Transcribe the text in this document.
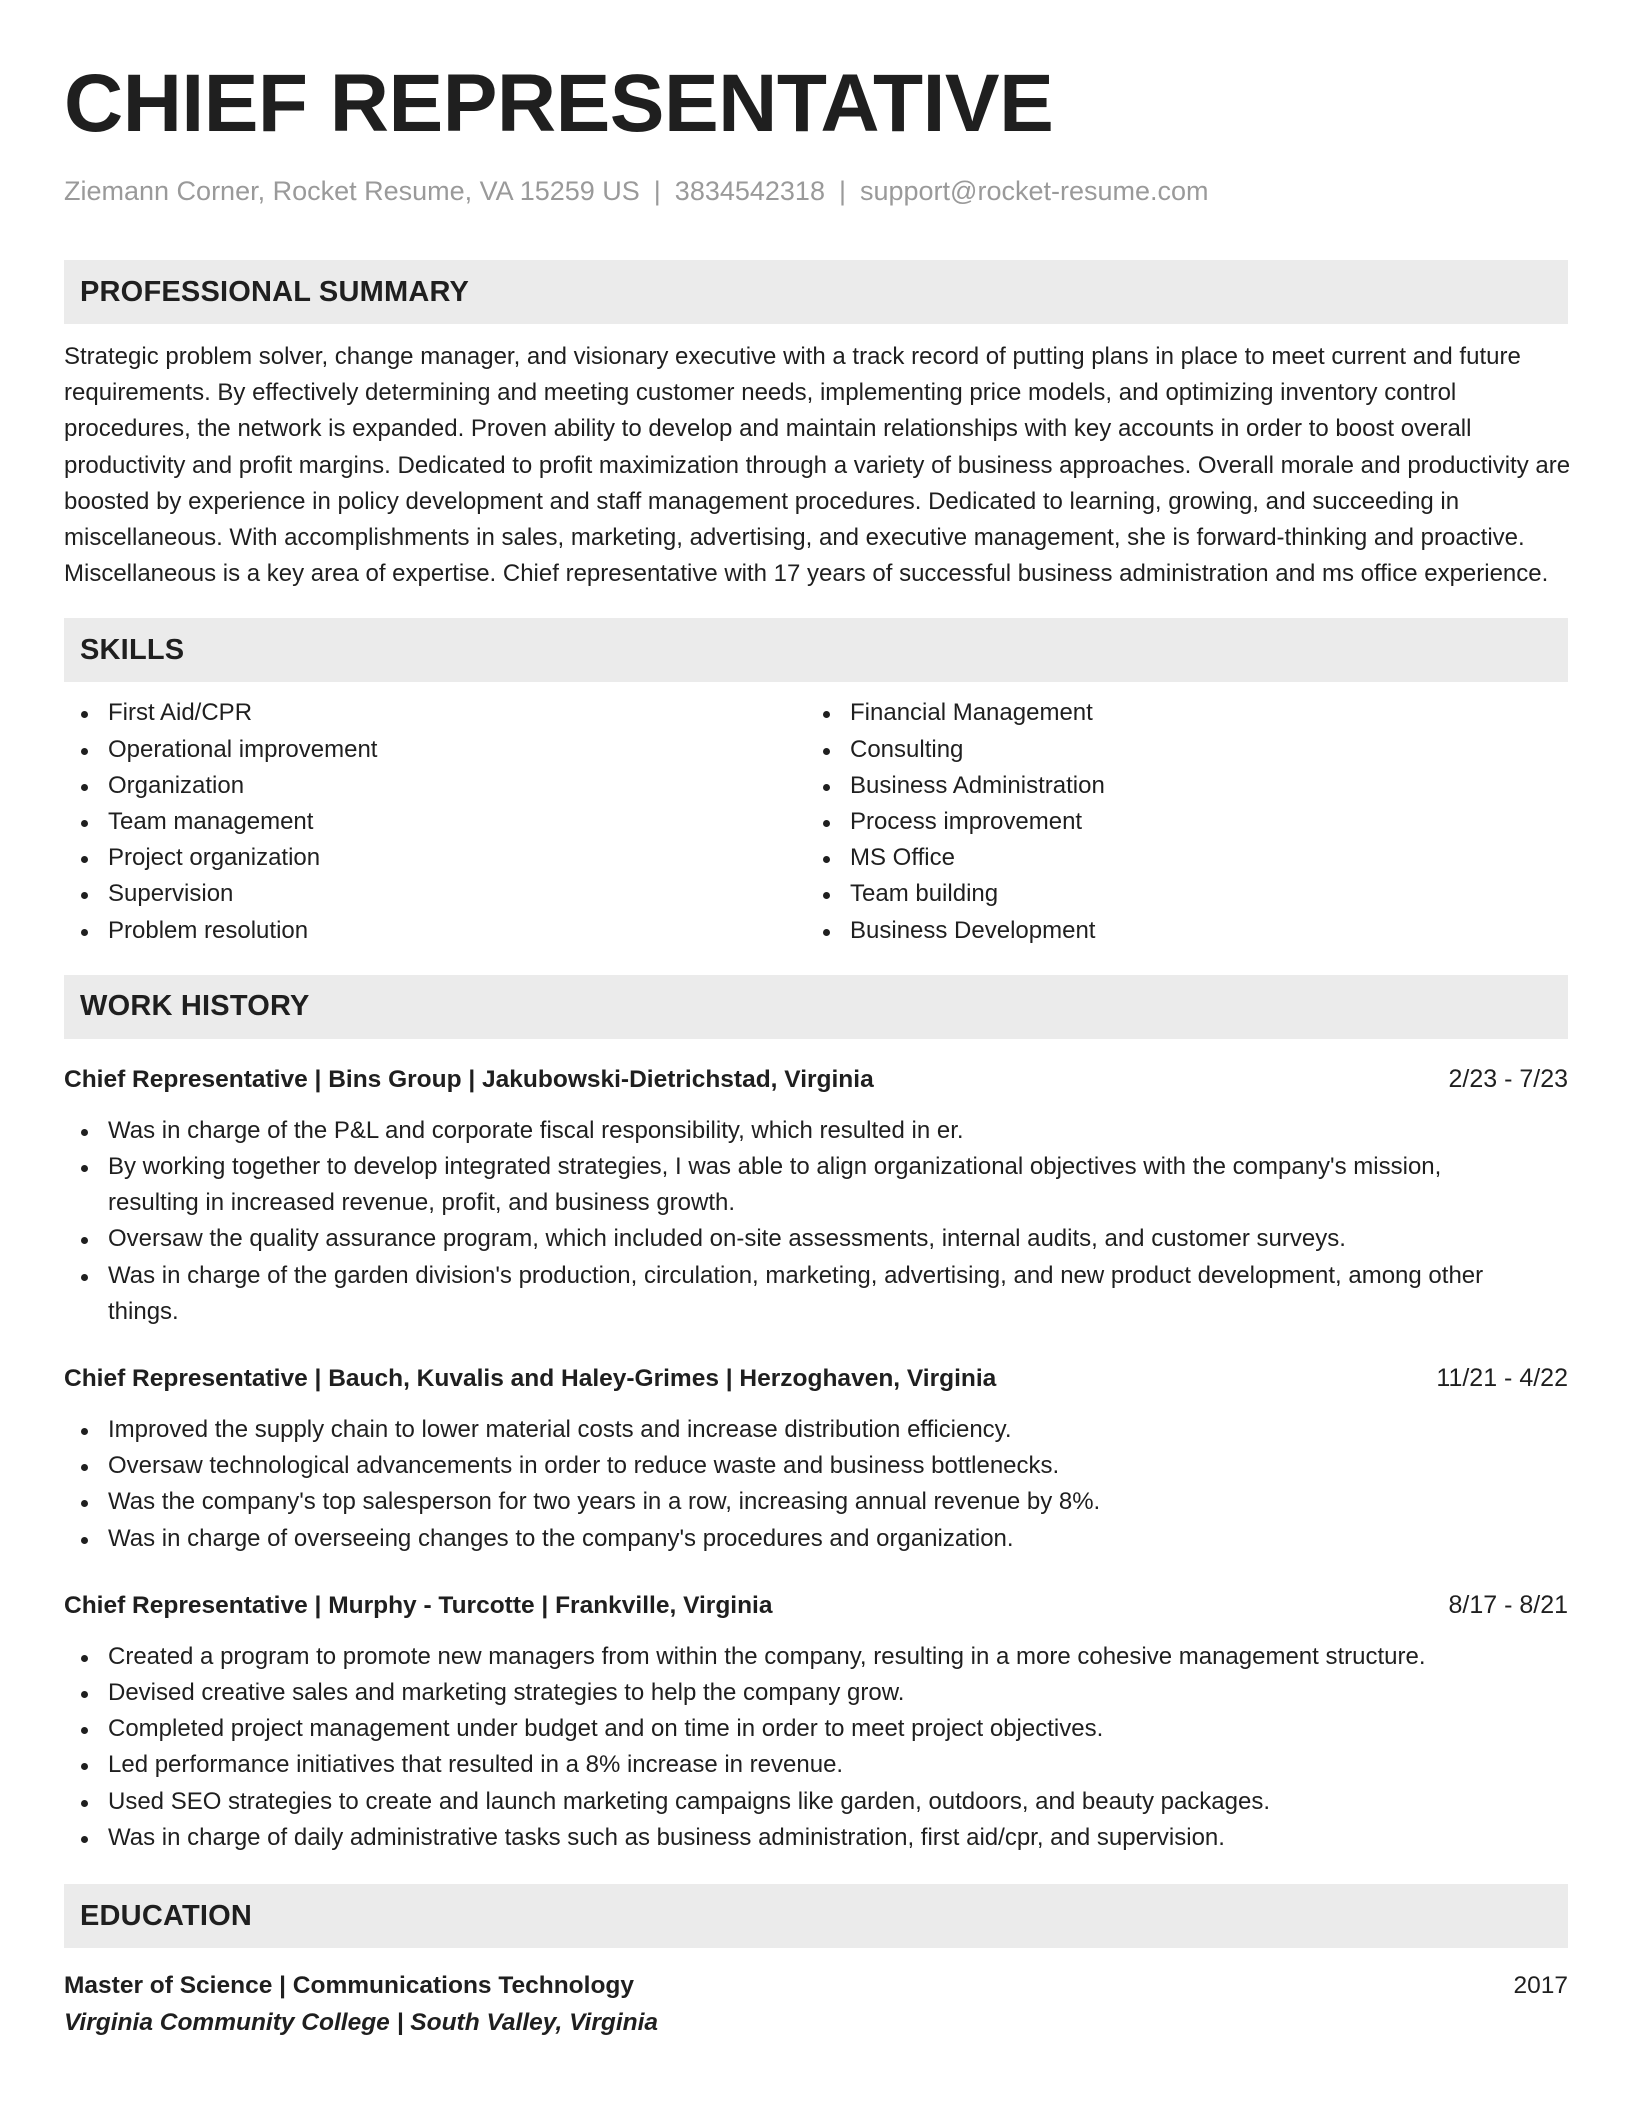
CHIEF REPRESENTATIVE
Ziemann Corner, Rocket Resume, VA 15259 US | 3834542318 | support@rocket-resume.com
PROFESSIONAL SUMMARY
Strategic problem solver, change manager, and visionary executive with a track record of putting plans in place to meet current and future requirements. By effectively determining and meeting customer needs, implementing price models, and optimizing inventory control procedures, the network is expanded. Proven ability to develop and maintain relationships with key accounts in order to boost overall productivity and profit margins. Dedicated to profit maximization through a variety of business approaches. Overall morale and productivity are boosted by experience in policy development and staff management procedures. Dedicated to learning, growing, and succeeding in miscellaneous. With accomplishments in sales, marketing, advertising, and executive management, she is forward-thinking and proactive. Miscellaneous is a key area of expertise. Chief representative with 17 years of successful business administration and ms office experience.
SKILLS
First Aid/CPR
Operational improvement
Organization
Team management
Project organization
Supervision
Problem resolution
Financial Management
Consulting
Business Administration
Process improvement
MS Office
Team building
Business Development
WORK HISTORY
Chief Representative | Bins Group | Jakubowski-Dietrichstad, Virginia	2/23 - 7/23
Was in charge of the P&L and corporate fiscal responsibility, which resulted in er.
By working together to develop integrated strategies, I was able to align organizational objectives with the company's mission, resulting in increased revenue, profit, and business growth.
Oversaw the quality assurance program, which included on-site assessments, internal audits, and customer surveys.
Was in charge of the garden division's production, circulation, marketing, advertising, and new product development, among other things.
Chief Representative | Bauch, Kuvalis and Haley-Grimes | Herzoghaven, Virginia	11/21 - 4/22
Improved the supply chain to lower material costs and increase distribution efficiency.
Oversaw technological advancements in order to reduce waste and business bottlenecks.
Was the company's top salesperson for two years in a row, increasing annual revenue by 8%.
Was in charge of overseeing changes to the company's procedures and organization.
Chief Representative | Murphy - Turcotte | Frankville, Virginia	8/17 - 8/21
Created a program to promote new managers from within the company, resulting in a more cohesive management structure.
Devised creative sales and marketing strategies to help the company grow.
Completed project management under budget and on time in order to meet project objectives.
Led performance initiatives that resulted in a 8% increase in revenue.
Used SEO strategies to create and launch marketing campaigns like garden, outdoors, and beauty packages.
Was in charge of daily administrative tasks such as business administration, first aid/cpr, and supervision.
EDUCATION
Master of Science | Communications Technology	2017
Virginia Community College | South Valley, Virginia
